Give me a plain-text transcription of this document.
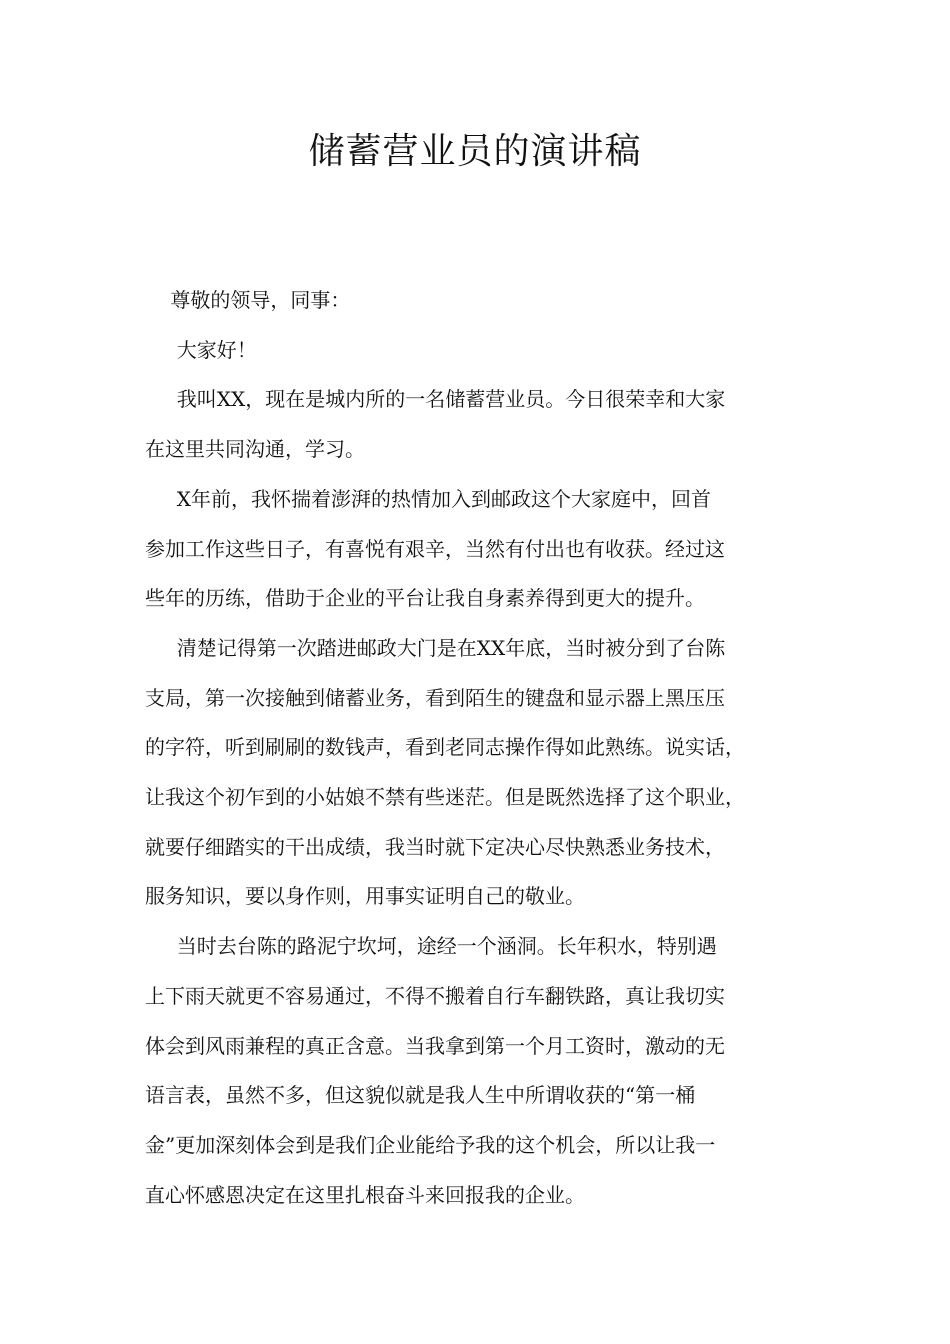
储蓄营业员的演讲稿

尊敬的领导，同事：

大家好！

我叫XX，现在是城内所的一名储蓄营业员。今日很荣幸和大家

在这里共同沟通，学习。

X年前，我怀揣着澎湃的热情加入到邮政这个大家庭中，回首

参加工作这些日子，有喜悦有艰辛，当然有付出也有收获。经过这

些年的历练，借助于企业的平台让我自身素养得到更大的提升。

清楚记得第一次踏进邮政大门是在XX年底，当时被分到了台陈

支局，第一次接触到储蓄业务，看到陌生的键盘和显示器上黑压压

的字符，听到刷刷的数钱声，看到老同志操作得如此熟练。说实话，

让我这个初乍到的小姑娘不禁有些迷茫。但是既然选择了这个职业，

就要仔细踏实的干出成绩，我当时就下定决心尽快熟悉业务技术，

服务知识，要以身作则，用事实证明自己的敬业。

当时去台陈的路泥宁坎坷，途经一个涵洞。长年积水，特别遇

上下雨天就更不容易通过，不得不搬着自行车翻铁路，真让我切实

体会到风雨兼程的真正含意。当我拿到第一个月工资时，激动的无

语言表，虽然不多，但这貌似就是我人生中所谓收获的“第一桶

金”更加深刻体会到是我们企业能给予我的这个机会，所以让我一

直心怀感恩决定在这里扎根奋斗来回报我的企业。
